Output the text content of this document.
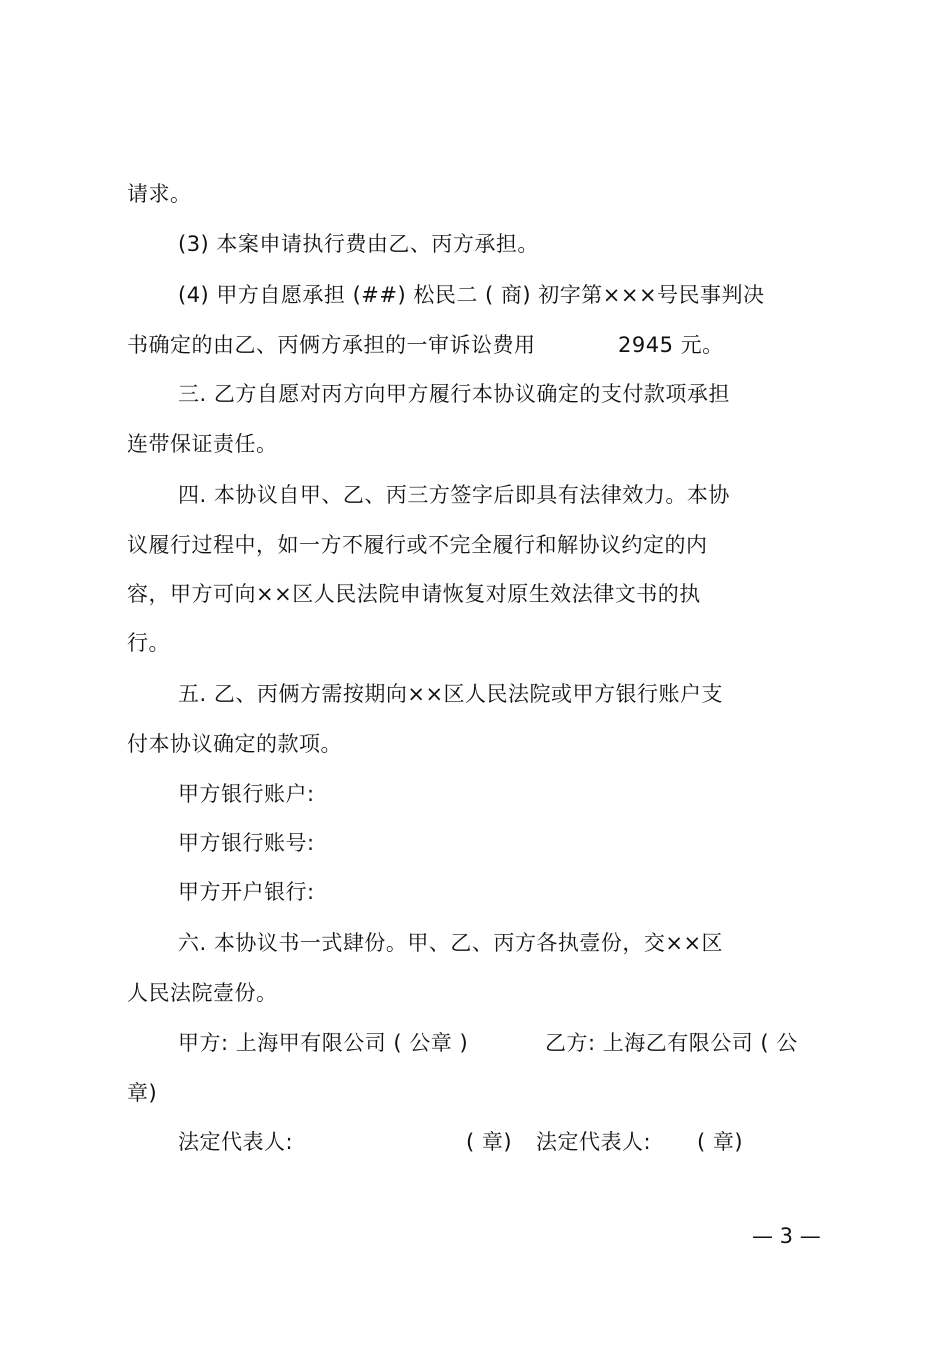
请求。
(3) 本案申请执行费由乙、丙方承担。
(4) 甲方自愿承担 (##) 松民二 ( 商) 初字第×××号民事判决
书确定的由乙、丙俩方承担的一审诉讼费用	2945 元。
三. 乙方自愿对丙方向甲方履行本协议确定的支付款项承担
连带保证责任。
四. 本协议自甲、乙、丙三方签字后即具有法律效力。本协
议履行过程中，如一方不履行或不完全履行和解协议约定的内
容，甲方可向××区人民法院申请恢复对原生效法律文书的执
行。
五. 乙、丙俩方需按期向××区人民法院或甲方银行账户支
付本协议确定的款项。
甲方银行账户:
甲方银行账号:
甲方开户银行:
六. 本协议书一式肆份。甲、乙、丙方各执壹份，交××区
人民法院壹份。
甲方: 上海甲有限公司 ( 公章 )	乙方: 上海乙有限公司 ( 公
章)
法定代表人:	( 章) 法定代表人: ( 章)
— 3 —
